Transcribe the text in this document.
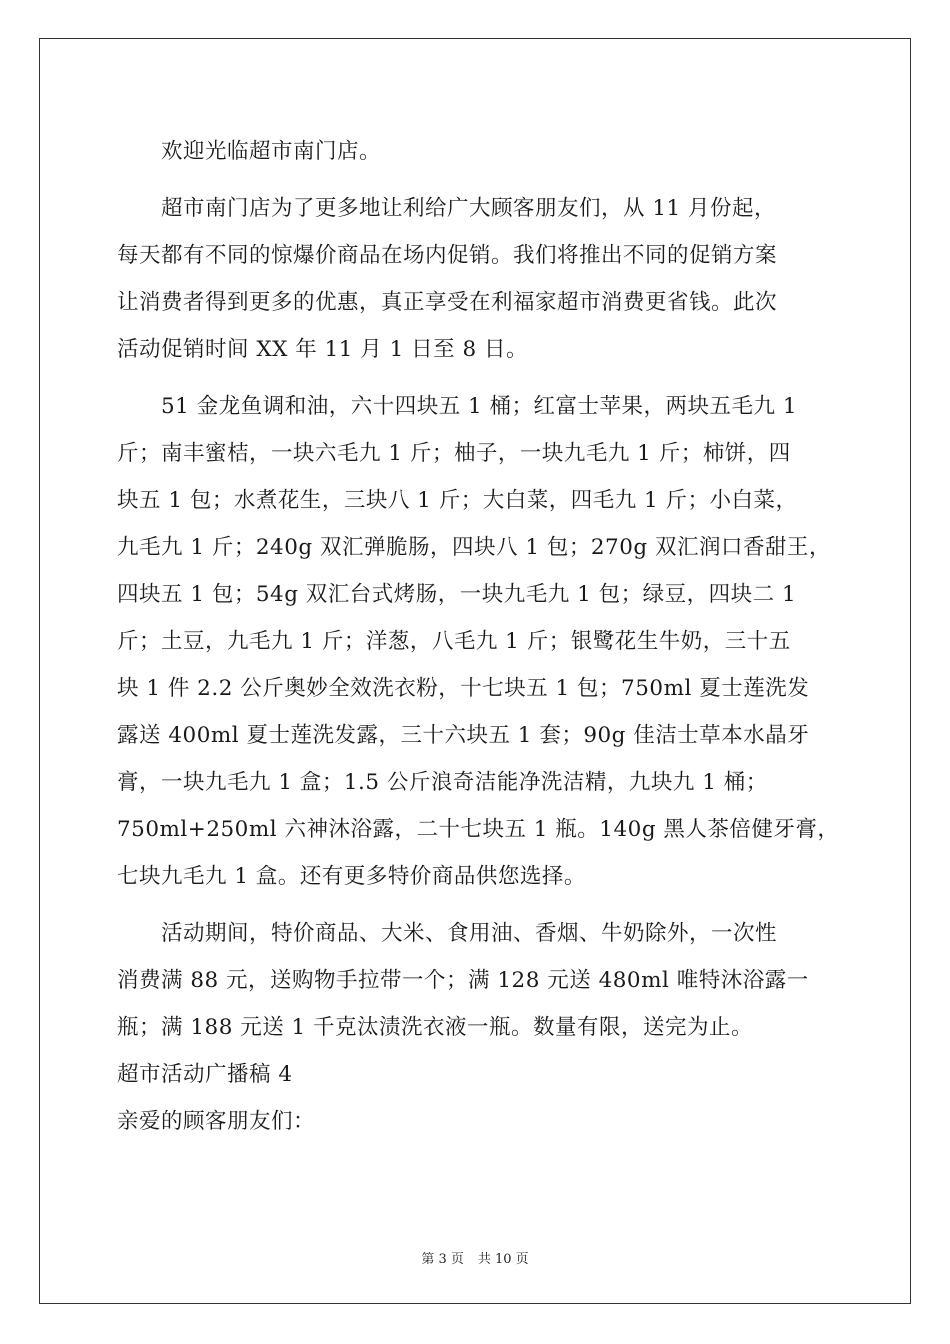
欢迎光临超市南门店。

超市南门店为了更多地让利给广大顾客朋友们，从 11 月份起，
每天都有不同的惊爆价商品在场内促销。我们将推出不同的促销方案
让消费者得到更多的优惠，真正享受在利福家超市消费更省钱。此次
活动促销时间 XX 年 11 月 1 日至 8 日。

51 金龙鱼调和油，六十四块五 1 桶；红富士苹果，两块五毛九 1
斤；南丰蜜桔，一块六毛九 1 斤；柚子，一块九毛九 1 斤；柿饼，四
块五 1 包；水煮花生，三块八 1 斤；大白菜，四毛九 1 斤；小白菜，
九毛九 1 斤；240g 双汇弹脆肠，四块八 1 包；270g 双汇润口香甜王，
四块五 1 包；54g 双汇台式烤肠，一块九毛九 1 包；绿豆，四块二 1
斤；土豆，九毛九 1 斤；洋葱，八毛九 1 斤；银鹭花生牛奶，三十五
块 1 件 2.2 公斤奥妙全效洗衣粉，十七块五 1 包；750ml 夏士莲洗发
露送 400ml 夏士莲洗发露，三十六块五 1 套；90g 佳洁士草本水晶牙
膏，一块九毛九 1 盒；1.5 公斤浪奇洁能净洗洁精，九块九 1 桶；
750ml+250ml 六神沐浴露，二十七块五 1 瓶。140g 黑人茶倍健牙膏，
七块九毛九 1 盒。还有更多特价商品供您选择。

活动期间，特价商品、大米、食用油、香烟、牛奶除外，一次性
消费满 88 元，送购物手拉带一个；满 128 元送 480ml 唯特沐浴露一
瓶；满 188 元送 1 千克汰渍洗衣液一瓶。数量有限，送完为止。

超市活动广播稿 4

亲爱的顾客朋友们：

第 3 页 共 10 页
